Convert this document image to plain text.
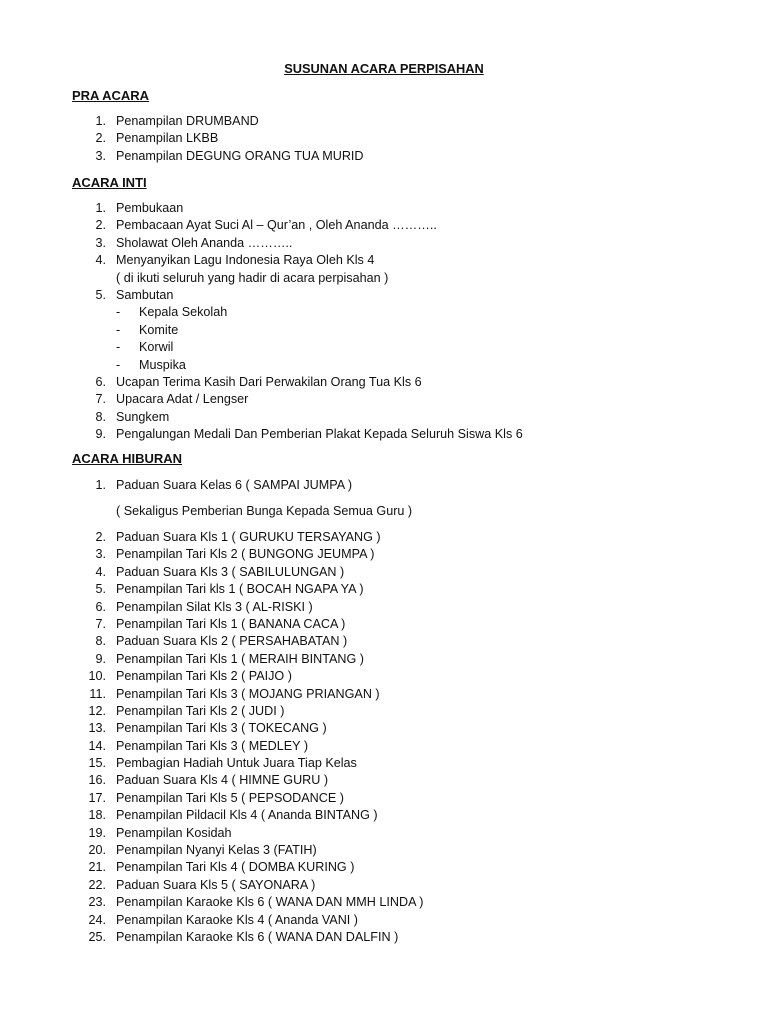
SUSUNAN ACARA PERPISAHAN
PRA ACARA
1. Penampilan DRUMBAND
2. Penampilan LKBB
3. Penampilan DEGUNG ORANG TUA MURID
ACARA INTI
1. Pembukaan
2. Pembacaan Ayat Suci Al – Qur’an , Oleh Ananda ………..
3. Sholawat Oleh Ananda ………..
4. Menyanyikan Lagu Indonesia Raya Oleh Kls 4
( di ikuti seluruh yang hadir di acara perpisahan )
5. Sambutan
- Kepala Sekolah
- Komite
- Korwil
- Muspika
6. Ucapan Terima Kasih Dari Perwakilan Orang Tua Kls 6
7. Upacara Adat / Lengser
8. Sungkem
9. Pengalungan Medali Dan Pemberian Plakat Kepada Seluruh Siswa Kls 6
ACARA HIBURAN
1. Paduan Suara Kelas 6 ( SAMPAI JUMPA )
( Sekaligus Pemberian Bunga Kepada Semua Guru )
2. Paduan Suara Kls 1 ( GURUKU TERSAYANG )
3. Penampilan Tari Kls 2 ( BUNGONG JEUMPA )
4. Paduan Suara Kls 3 ( SABILULUNGAN )
5. Penampilan Tari kls 1 ( BOCAH NGAPA YA )
6. Penampilan Silat Kls 3 ( AL-RISKI )
7. Penampilan Tari Kls 1 ( BANANA CACA )
8. Paduan Suara Kls 2 ( PERSAHABATAN )
9. Penampilan Tari Kls 1 ( MERAIH BINTANG )
10. Penampilan Tari Kls 2 ( PAIJO )
11. Penampilan Tari Kls 3 ( MOJANG PRIANGAN )
12. Penampilan Tari Kls 2 ( JUDI )
13. Penampilan Tari Kls 3 ( TOKECANG )
14. Penampilan Tari Kls 3 ( MEDLEY )
15. Pembagian Hadiah Untuk Juara Tiap Kelas
16. Paduan Suara Kls 4 ( HIMNE GURU )
17. Penampilan Tari Kls 5 ( PEPSODANCE )
18. Penampilan Pildacil Kls 4 ( Ananda BINTANG )
19. Penampilan Kosidah
20. Penampilan Nyanyi Kelas 3 (FATIH)
21. Penampilan Tari Kls 4 ( DOMBA KURING )
22. Paduan Suara Kls 5 ( SAYONARA )
23. Penampilan Karaoke Kls 6 ( WANA DAN MMH LINDA )
24. Penampilan Karaoke Kls 4 ( Ananda VANI )
25. Penampilan Karaoke Kls 6 ( WANA DAN DALFIN )
